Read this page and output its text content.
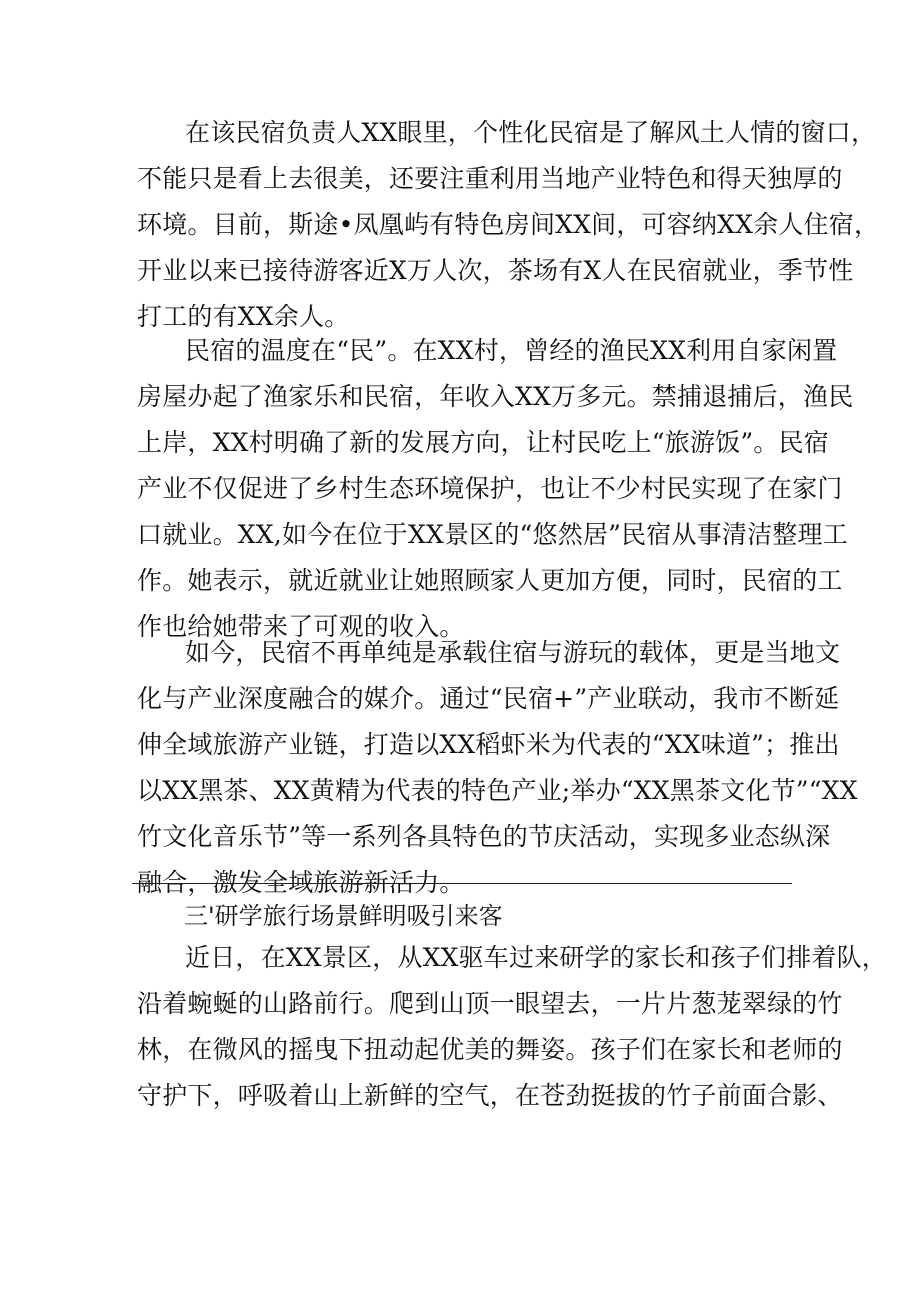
在该民宿负责人XX眼里，个性化民宿是了解风土人情的窗口，
不能只是看上去很美，还要注重利用当地产业特色和得天独厚的
环境。目前，斯途•凤凰屿有特色房间XX间，可容纳XX余人住宿，
开业以来已接待游客近X万人次，茶场有X人在民宿就业，季节性
打工的有XX余人。
民宿的温度在“民”。在XX村，曾经的渔民XX利用自家闲置
房屋办起了渔家乐和民宿，年收入XX万多元。禁捕退捕后，渔民
上岸，XX村明确了新的发展方向，让村民吃上“旅游饭”。民宿
产业不仅促进了乡村生态环境保护，也让不少村民实现了在家门
口就业。XX,如今在位于XX景区的“悠然居”民宿从事清洁整理工
作。她表示，就近就业让她照顾家人更加方便，同时，民宿的工
作也给她带来了可观的收入。
如今，民宿不再单纯是承载住宿与游玩的载体，更是当地文
化与产业深度融合的媒介。通过“民宿+”产业联动，我市不断延
伸全域旅游产业链，打造以XX稻虾米为代表的“XX味道”；推出
以XX黑茶、XX黄精为代表的特色产业;举办“XX黑茶文化节”“XX
竹文化音乐节”等一系列各具特色的节庆活动，实现多业态纵深
融合，激发全域旅游新活力。
三'研学旅行场景鲜明吸引来客
近日，在XX景区，从XX驱车过来研学的家长和孩子们排着队，
沿着蜿蜒的山路前行。爬到山顶一眼望去，一片片葱茏翠绿的竹
林，在微风的摇曳下扭动起优美的舞姿。孩子们在家长和老师的
守护下，呼吸着山上新鲜的空气，在苍劲挺拔的竹子前面合影、
